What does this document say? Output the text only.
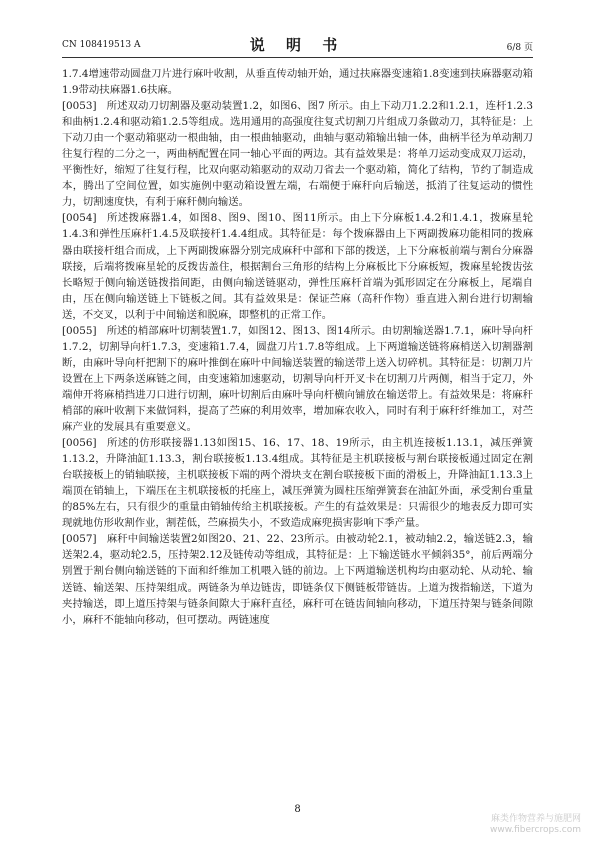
CN 108419513 A	说 明 书	6/8 页

1.7.4增速带动圆盘刀片进行麻叶收割，从垂直传动轴开始，通过扶麻器变速箱1.8变速到扶麻器驱动箱1.9带动扶麻器1.6扶麻。

[0053] 所述双动刀切割器及驱动装置1.2，如图6、图7 所示。由上下动刀1.2.2和1.2.1，连杆1.2.3和曲柄1.2.4和驱动箱1.2.5等组成。选用通用的高强度往复式切割刀片组成刀条做动刀，其特征是：上下动刀由一个驱动箱驱动一根曲轴，由一根曲轴驱动，曲轴与驱动箱输出轴一体，曲柄半径为单动割刀往复行程的二分之一，两曲柄配置在同一轴心平面的两边。其有益效果是：将单刀运动变成双刀运动，平衡性好，缩短了往复行程，比双向驱动箱驱动的双动刀省去一个驱动箱，简化了结构，节约了制造成本，腾出了空间位置，如实施例中驱动箱设置左端，右端便于麻秆向后输送，抵消了往复运动的惯性力，切割速度快，有利于麻秆侧向输送。

[0054] 所述拨麻器1.4，如图8、图9、图10、图11所示。由上下分麻板1.4.2和1.4.1，拨麻星轮1.4.3和弹性压麻杆1.4.5及联接杆1.4.4组成。其特征是：每个拨麻器由上下两副拨麻功能相同的拨麻器由联接杆组合而成，上下两副拨麻器分别完成麻秆中部和下部的拨送，上下分麻板前端与割台分麻器联接，后端将拨麻星轮的反拨齿盖住，根据割台三角形的结构上分麻板比下分麻板短，拨麻星轮拨齿弦长略短于侧向输送链拨指间距，由侧向输送链驱动，弹性压麻杆首端为弧形固定在分麻板上，尾端自由，压在侧向输送链上下链板之间。其有益效果是：保证苎麻（高秆作物）垂直进入割台进行切割输送，不交叉，以利于中间输送和脱麻，即整机的正常工作。

[0055] 所述的梢部麻叶切割装置1.7，如图12、图13、图14所示。由切割输送器1.7.1，麻叶导向杆1.7.2，切割导向杆1.7.3，变速箱1.7.4，圆盘刀片1.7.8等组成。上下两道输送链将麻梢送入切割器割断，由麻叶导向杆把割下的麻叶推倒在麻叶中间输送装置的输送带上送入切碎机。其特征是：切割刀片设置在上下两条送麻链之间，由变速箱加速驱动，切割导向杆开叉卡在切割刀片两侧，相当于定刀，外端伸开将麻梢挡进刀口进行切割，麻叶切割后由麻叶导向杆横向铺放在输送带上。有益效果是：将麻秆梢部的麻叶收割下来做饲料，提高了苎麻的利用效率，增加麻农收入，同时有利于麻秆纤维加工，对苎麻产业的发展具有重要意义。

[0056] 所述的仿形联接器1.13如图15、16、17、18、19所示，由主机连接板1.13.1，减压弹簧1.13.2，升降油缸1.13.3，割台联接板1.13.4组成。其特征是主机联接板与割台联接板通过固定在割台联接板上的销轴联接，主机联接板下端的两个滑块支在割台联接板下面的滑板上，升降油缸1.13.3上端顶在销轴上，下端压在主机联接板的托座上，减压弹簧为圆柱压缩弹簧套在油缸外面，承受割台重量的85%左右，只有很少的重量由销轴传给主机联接板。产生的有益效果是：只需很少的地表反力即可实现就地仿形收割作业，割茬低，苎麻损失小，不致造成麻兜损害影响下季产量。

[0057] 麻秆中间输送装置2如图20、21、22、23所示。由被动轮2.1，被动轴2.2，输送链2.3，输送架2.4，驱动轮2.5，压持架2.12及链传动等组成，其特征是：上下输送链水平倾斜35°，前后两端分别置于割台侧向输送链的下面和纤维加工机喂入链的前边。上下两道输送机构均由驱动轮、从动轮、输送链、输送架、压持架组成。两链条为单边链齿，即链条仅下侧链板带链齿。上道为拨指输送，下道为夹持输送，即上道压持架与链条间隙大于麻秆直径，麻秆可在链齿间轴向移动，下道压持架与链条间隙小，麻秆不能轴向移动，但可摆动。两链速度

8
麻类作物营养与施肥网
www.fibercrops.com
